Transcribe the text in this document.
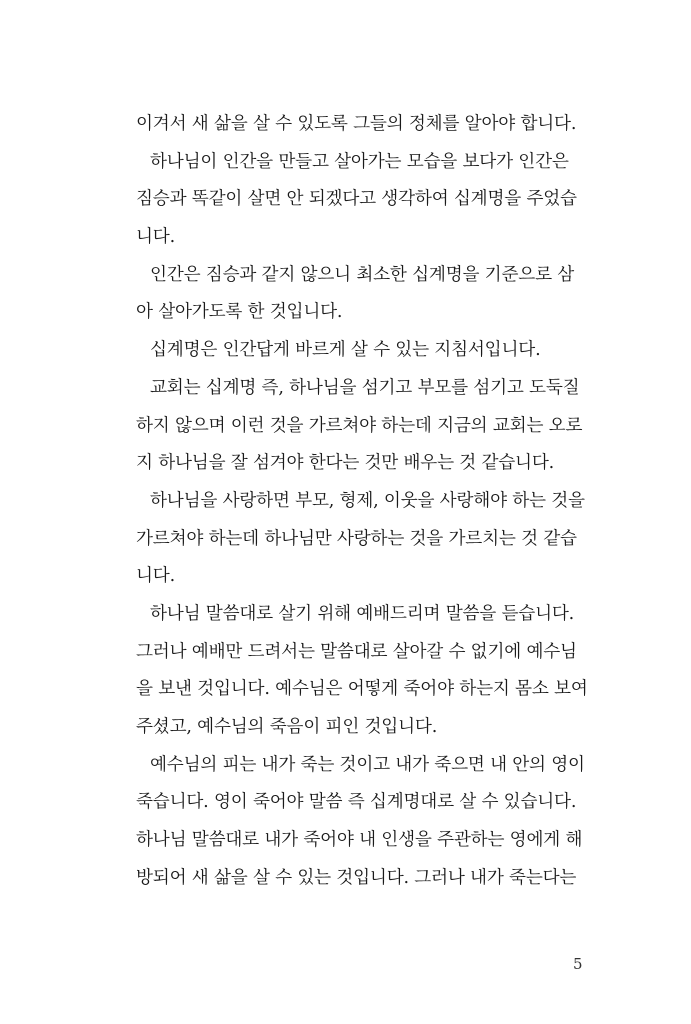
이겨서 새 삶을 살 수 있도록 그들의 정체를 알아야 합니다.
하나님이 인간을 만들고 살아가는 모습을 보다가 인간은
짐승과 똑같이 살면 안 되겠다고 생각하여 십계명을 주었습
니다.
인간은 짐승과 같지 않으니 최소한 십계명을 기준으로 삼
아 살아가도록 한 것입니다.
십계명은 인간답게 바르게 살 수 있는 지침서입니다.
교회는 십계명 즉, 하나님을 섬기고 부모를 섬기고 도둑질
하지 않으며 이런 것을 가르쳐야 하는데 지금의 교회는 오로
지 하나님을 잘 섬겨야 한다는 것만 배우는 것 같습니다.
하나님을 사랑하면 부모, 형제, 이웃을 사랑해야 하는 것을
가르쳐야 하는데 하나님만 사랑하는 것을 가르치는 것 같습
니다.
하나님 말씀대로 살기 위해 예배드리며 말씀을 듣습니다.
그러나 예배만 드려서는 말씀대로 살아갈 수 없기에 예수님
을 보낸 것입니다. 예수님은 어떻게 죽어야 하는지 몸소 보여
주셨고, 예수님의 죽음이 피인 것입니다.
예수님의 피는 내가 죽는 것이고 내가 죽으면 내 안의 영이
죽습니다. 영이 죽어야 말씀 즉 십계명대로 살 수 있습니다.
하나님 말씀대로 내가 죽어야 내 인생을 주관하는 영에게 해
방되어 새 삶을 살 수 있는 것입니다. 그러나 내가 죽는다는
5
